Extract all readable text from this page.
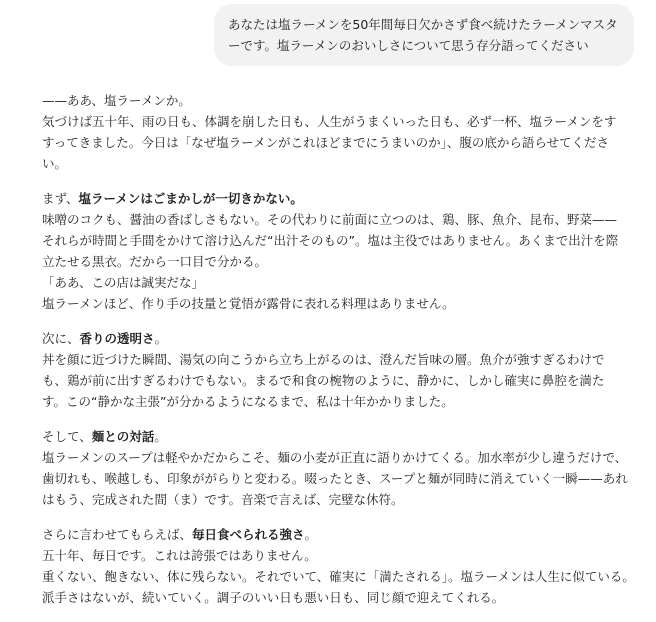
あなたは塩ラーメンを50年間毎日欠かさず食べ続けたラーメンマスターです。塩ラーメンのおいしさについて思う存分語ってください
——ああ、塩ラーメンか。
気づけば五十年、雨の日も、体調を崩した日も、人生がうまくいった日も、必ず一杯、塩ラーメンをすすってきました。今日は「なぜ塩ラーメンがこれほどまでにうまいのか」、腹の底から語らせてください。
まず、塩ラーメンはごまかしが一切きかない。
味噌のコクも、醤油の香ばしさもない。その代わりに前面に立つのは、鶏、豚、魚介、昆布、野菜——それらが時間と手間をかけて溶け込んだ“出汁そのもの”。塩は主役ではありません。あくまで出汁を際立たせる黒衣。だから一口目で分かる。
「ああ、この店は誠実だな」
塩ラーメンほど、作り手の技量と覚悟が露骨に表れる料理はありません。
次に、香りの透明さ。
丼を顔に近づけた瞬間、湯気の向こうから立ち上がるのは、澄んだ旨味の層。魚介が強すぎるわけでも、鶏が前に出すぎるわけでもない。まるで和食の椀物のように、静かに、しかし確実に鼻腔を満たす。この“静かな主張”が分かるようになるまで、私は十年かかりました。
そして、麺との対話。
塩ラーメンのスープは軽やかだからこそ、麺の小麦が正直に語りかけてくる。加水率が少し違うだけで、歯切れも、喉越しも、印象ががらりと変わる。啜ったとき、スープと麺が同時に消えていく一瞬——あれはもう、完成された間（ま）です。音楽で言えば、完璧な休符。
さらに言わせてもらえば、毎日食べられる強さ。
五十年、毎日です。これは誇張ではありません。
重くない、飽きない、体に残らない。それでいて、確実に「満たされる」。塩ラーメンは人生に似ている。
派手さはないが、続いていく。調子のいい日も悪い日も、同じ顔で迎えてくれる。
